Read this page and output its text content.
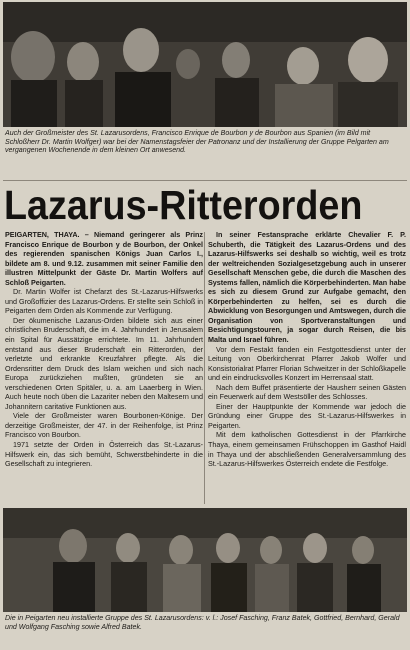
Auch der Großmeister des St. Lazarusordens, Francisco Enrique de Bourbon y de Bourbon aus Spanien (im Bild mit Schloßherr Dr. Martin Wolfger) war bei der Namenstagsfeier der Patronanz und der Installierung der Gruppe Pelgarten am vergangenen Wochenende in dem kleinen Ort anwesend.
Lazarus-Ritterorden

PEIGARTEN, THAYA. – Niemand geringerer als Prinz Francisco Enrique de Bourbon y de Bourbon, der Onkel des regierenden spanischen Königs Juan Carlos I., bildete am 8. und 9.12. zusammen mit seiner Familie den illustren Mittelpunkt der Gäste Dr. Martin Wolfers auf Schloß Peigarten.

Dr. Martin Wolfer ist Chefarzt des St.-Lazarus-Hilfswerks und Großoffizier des Lazarus-Ordens. Er stellte sein Schloß in Peigarten dem Orden als Kommende zur Verfügung.

Der ökumenische Lazarus-Orden bildete sich aus einer christlichen Bruderschaft, die im 4. Jahrhundert in Jerusalem ein Spital für Aussätzige errichtete. Im 11. Jahrhundert entstand aus dieser Bruderschaft ein Ritterorden, der verletzte und erkrankte Kreuzfahrer pflegte. Als die Ordensritter dem Druck des Islam weichen und sich nach Europa zurückziehen mußten, gründeten sie an verschiedenen Orten Spitäler, u. a. am Laaerberg in Wien. Auch heute noch üben die Lazariter neben den Maltesern und Johannitern caritative Funktionen aus.

Viele der Großmeister waren Bourbonen-Könige. Der derzeitige Großmeister, der 47. in der Reihenfolge, ist Prinz Francisco von Bourbon.

1971 setzte der Orden in Österreich das St.-Lazarus-Hilfswerk ein, das sich bemüht, Schwerstbehinderte in die Gesellschaft zu integrieren.

In seiner Festansprache erklärte Chevalier F. P. Schuberth, die Tätigkeit des Lazarus-Ordens und des Lazarus-Hilfswerks sei deshalb so wichtig, weil es trotz der weltreichenden Sozialgesetzgebung auch in unserer Gesellschaft Menschen gebe, die durch die Maschen des Systems fallen, nämlich die Körperbehinderten. Man habe es sich zu diesem Grund zur Aufgabe gemacht, den Körperbehinderten zu helfen, sei es durch die Abwicklung von Besorgungen und Amtswegen, durch die Organisation von Sportveranstaltungen und Besichtigungstouren, ja sogar durch Reisen, die bis Malta und Israel führen.

Vor dem Festakt fanden ein Festgottesdienst unter der Leitung von Oberkirchenrat Pfarrer Jakob Wolfer und Konsistorialrat Pfarrer Florian Schweitzer in der Schloßkapelle und ein eindrucksvolles Konzert im Herrensaal statt.

Nach dem Buffet präsentierte der Hausherr seinen Gästen ein Feuerwerk auf dem Westsöller des Schlosses.

Einer der Hauptpunkte der Kommende war jedoch die Gründung einer Gruppe des St.-Lazarus-Hilfswerkes in Peigarten.

Mit dem katholischen Gottesdienst in der Pfarrkirche Thaya, einem gemeinsamen Frühschoppen im Gasthof Haidl in Thaya und der abschließenden Generalversammlung des St.-Lazarus-Hilfswerkes Österreich endete die Festfolge.

Die in Peigarten neu installierte Gruppe des St. Lazarusordens: v. l.: Josef Fasching, Franz Batek, Gottfried, Bernhard, Gerald und Wolfgang Fasching sowie Alfred Batek.
